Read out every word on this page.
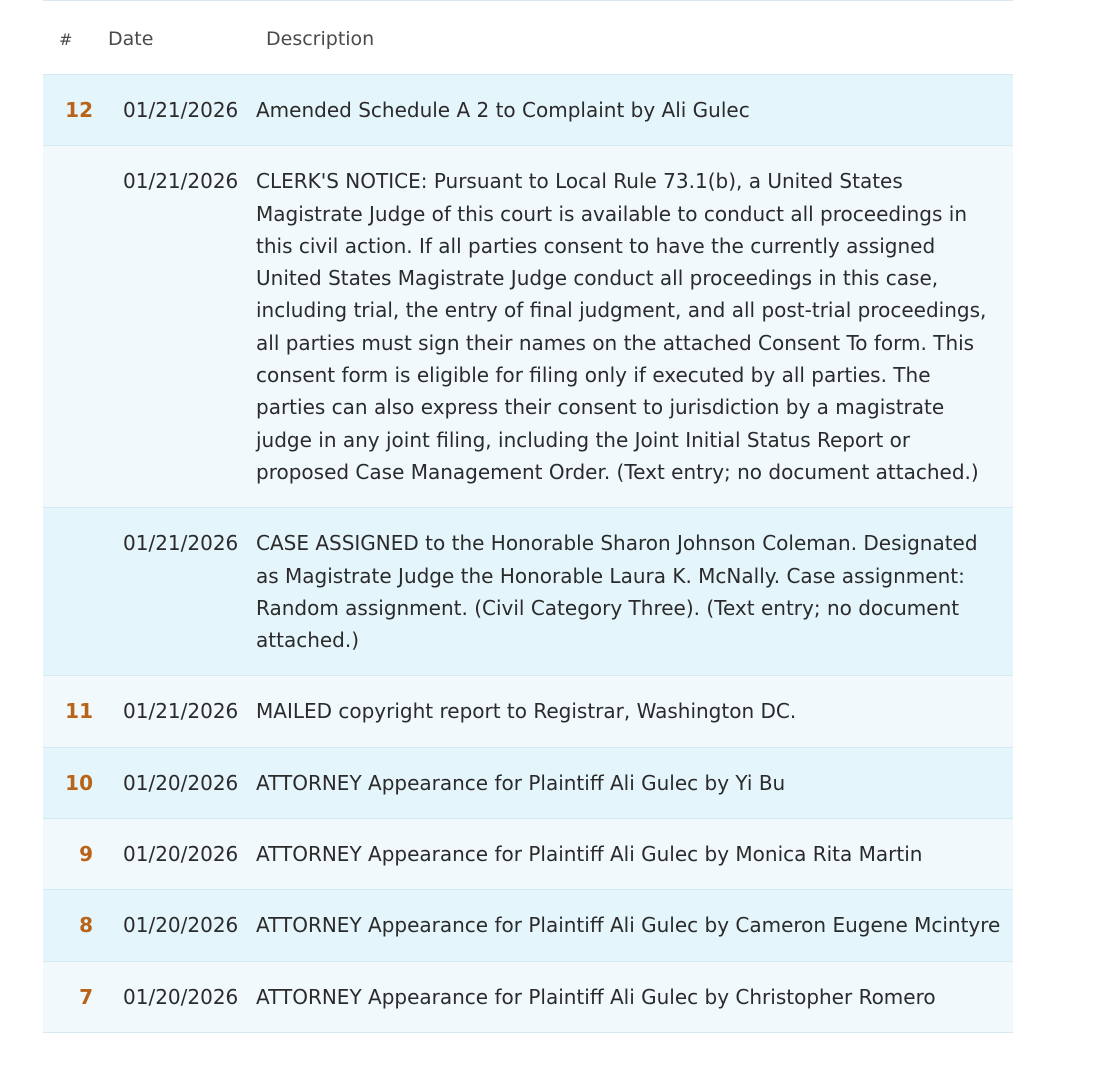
# Date	Description
12	01/21/2026 Amended Schedule A 2 to Complaint by Ali Gulec
01/21/2026 CLERK'S NOTICE: Pursuant to Local Rule 73.1(b), a United States Magistrate Judge of this court is available to conduct all proceedings in this civil action. If all parties consent to have the currently assigned United States Magistrate Judge conduct all proceedings in this case, including trial, the entry of final judgment, and all post-trial proceedings, all parties must sign their names on the attached Consent To form. This consent form is eligible for filing only if executed by all parties. The parties can also express their consent to jurisdiction by a magistrate judge in any joint filing, including the Joint Initial Status Report or proposed Case Management Order. (Text entry; no document attached.)
01/21/2026 CASE ASSIGNED to the Honorable Sharon Johnson Coleman. Designated as Magistrate Judge the Honorable Laura K. McNally. Case assignment: Random assignment. (Civil Category Three). (Text entry; no document attached.)
11	01/21/2026 MAILED copyright report to Registrar, Washington DC.
10	01/20/2026 ATTORNEY Appearance for Plaintiff Ali Gulec by Yi Bu
9	01/20/2026 ATTORNEY Appearance for Plaintiff Ali Gulec by Monica Rita Martin
8	01/20/2026 ATTORNEY Appearance for Plaintiff Ali Gulec by Cameron Eugene Mcintyre
7	01/20/2026 ATTORNEY Appearance for Plaintiff Ali Gulec by Christopher Romero
